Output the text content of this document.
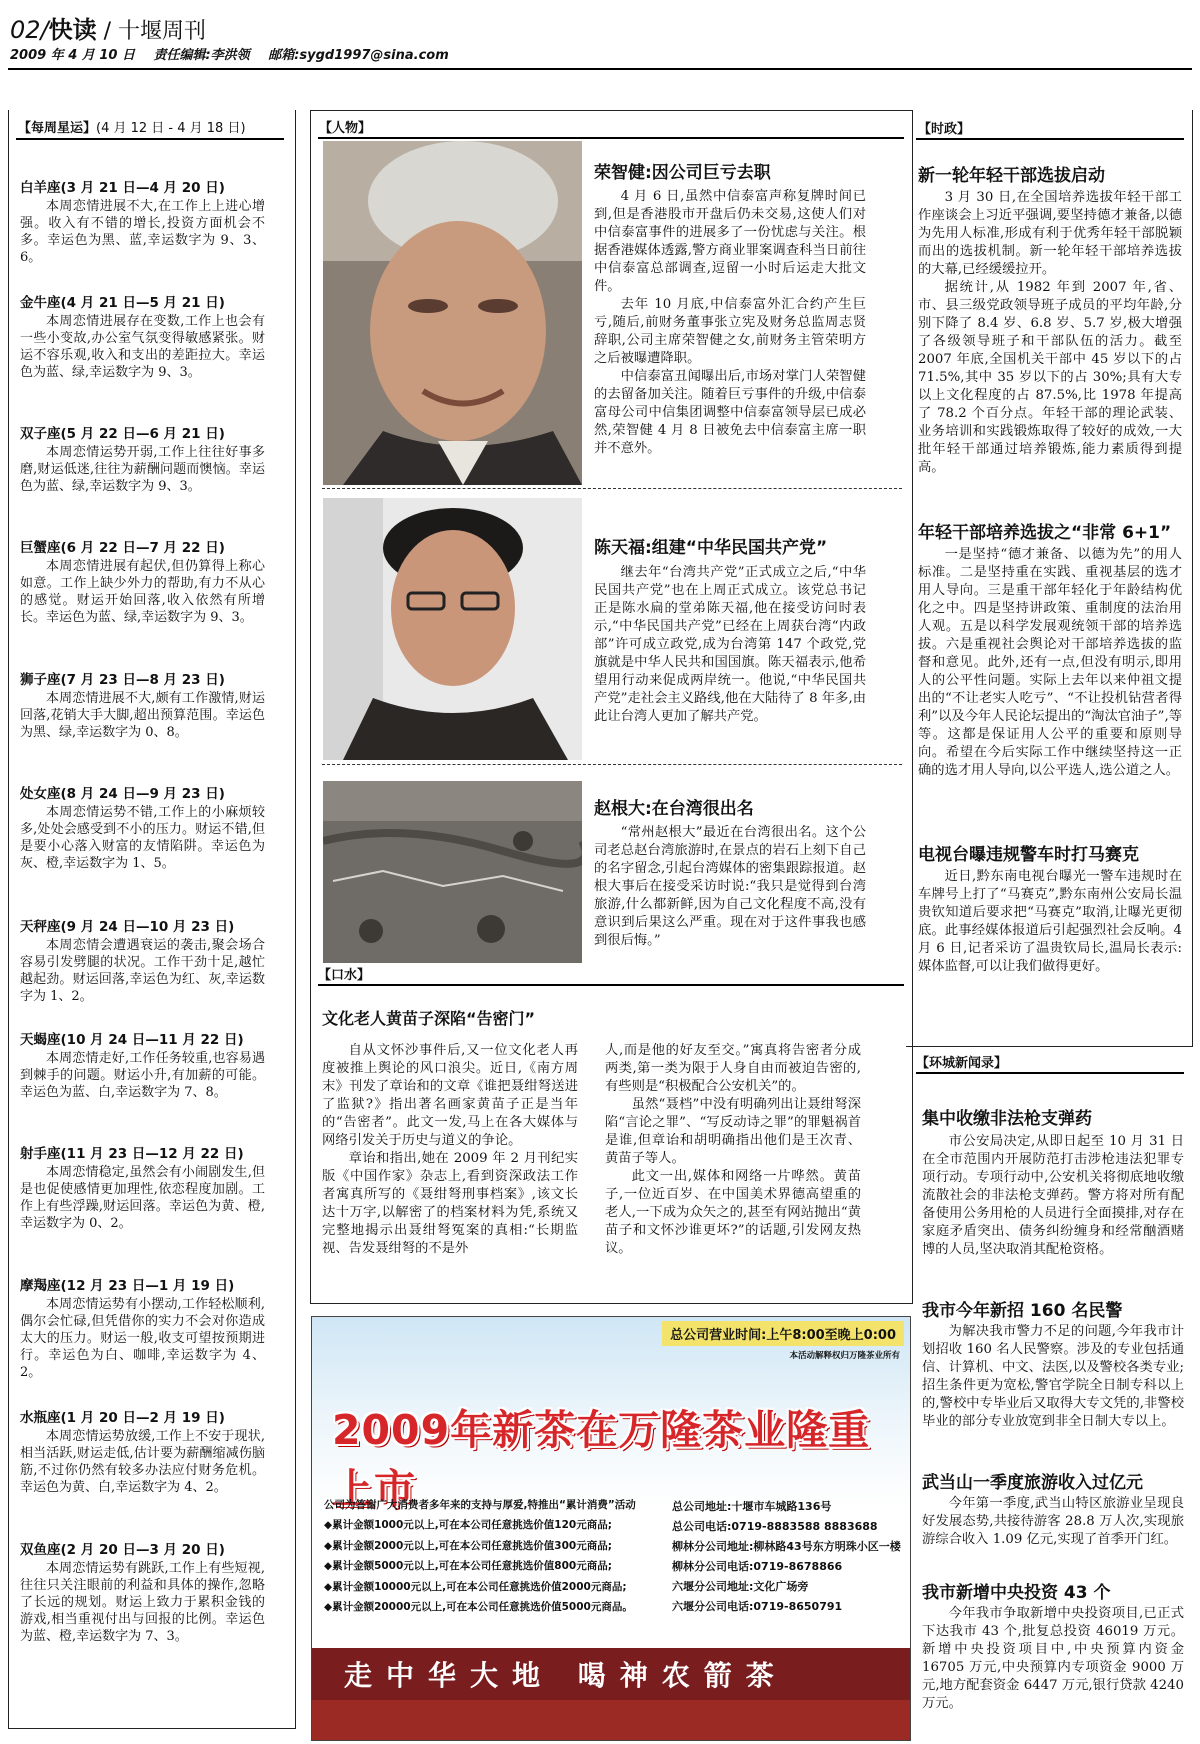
02/快读 / 十堰周刊
2009 年 4 月 10 日 责任编辑:李洪领 邮箱:sygd1997@sina.com
【每周星运】(4 月 12 日 - 4 月 18 日)
白羊座(3 月 21 日—4 月 20 日)

本周恋情进展不大,在工作上上进心增强。收入有不错的增长,投资方面机会不多。幸运色为黑、蓝,幸运数字为 9、3、6。

金牛座(4 月 21 日—5 月 21 日)

本周恋情进展存在变数,工作上也会有一些小变故,办公室气氛变得敏感紧张。财运不容乐观,收入和支出的差距拉大。幸运色为蓝、绿,幸运数字为 9、3。

双子座(5 月 22 日—6 月 21 日)

本周恋情运势开弱,工作上往往好事多磨,财运低迷,往往为薪酬问题而懊恼。幸运色为蓝、绿,幸运数字为 9、3。

巨蟹座(6 月 22 日—7 月 22 日)

本周恋情进展有起伏,但仍算得上称心如意。工作上缺少外力的帮助,有力不从心的感觉。财运开始回落,收入依然有所增长。幸运色为蓝、绿,幸运数字为 9、3。

狮子座(7 月 23 日—8 月 23 日)

本周恋情进展不大,颇有工作激情,财运回落,花销大手大脚,超出预算范围。幸运色为黑、绿,幸运数字为 0、8。

处女座(8 月 24 日—9 月 23 日)

本周恋情运势不错,工作上的小麻烦较多,处处会感受到不小的压力。财运不错,但是要小心落入财富的友情陷阱。幸运色为灰、橙,幸运数字为 1、5。

天秤座(9 月 24 日—10 月 23 日)

本周恋情会遭遇衰运的袭击,聚会场合容易引发劈腿的状况。工作干劲十足,越忙越起劲。财运回落,幸运色为红、灰,幸运数字为 1、2。

天蝎座(10 月 24 日—11 月 22 日)

本周恋情走好,工作任务较重,也容易遇到棘手的问题。财运小升,有加薪的可能。幸运色为蓝、白,幸运数字为 7、8。

射手座(11 月 23 日—12 月 22 日)

本周恋情稳定,虽然会有小闹剧发生,但是也促使感情更加理性,依恋程度加剧。工作上有些浮躁,财运回落。幸运色为黄、橙,幸运数字为 0、2。

摩羯座(12 月 23 日—1 月 19 日)

本周恋情运势有小摆动,工作轻松顺利,偶尔会忙碌,但凭借你的实力不会对你造成太大的压力。财运一般,收支可望按预期进行。幸运色为白、咖啡,幸运数字为 4、2。

水瓶座(1 月 20 日—2 月 19 日)

本周恋情运势放缓,工作上不安于现状,相当活跃,财运走低,估计要为薪酬缩减伤脑筋,不过你仍然有较多办法应付财务危机。幸运色为黄、白,幸运数字为 4、2。

双鱼座(2 月 20 日—3 月 20 日)

本周恋情运势有跳跃,工作上有些短视,往往只关注眼前的利益和具体的操作,忽略了长远的规划。财运上致力于累积金钱的游戏,相当重视付出与回报的比例。幸运色为蓝、橙,幸运数字为 7、3。

【人物】
荣智健:因公司巨亏去职

4 月 6 日,虽然中信泰富声称复牌时间已到,但是香港股市开盘后仍未交易,这使人们对中信泰富事件的进展多了一份忧虑与关注。根据香港媒体透露,警方商业罪案调查科当日前往中信泰富总部调查,逗留一小时后运走大批文件。

去年 10 月底,中信泰富外汇合约产生巨亏,随后,前财务董事张立宪及财务总监周志贤辞职,公司主席荣智健之女,前财务主管荣明方之后被曝遭降职。

中信泰富丑闻曝出后,市场对掌门人荣智健的去留备加关注。随着巨亏事件的升级,中信泰富母公司中信集团调整中信泰富领导层已成必然,荣智健 4 月 8 日被免去中信泰富主席一职并不意外。

陈天福:组建“中华民国共产党”

继去年“台湾共产党”正式成立之后,“中华民国共产党”也在上周正式成立。该党总书记正是陈水扁的堂弟陈天福,他在接受访问时表示,“中华民国共产党”已经在上周获台湾“内政部”许可成立政党,成为台湾第 147 个政党,党旗就是中华人民共和国国旗。陈天福表示,他希望用行动来促成两岸统一。他说,“中华民国共产党”走社会主义路线,他在大陆待了 8 年多,由此让台湾人更加了解共产党。

赵根大:在台湾很出名

“常州赵根大”最近在台湾很出名。这个公司老总赵台湾旅游时,在景点的岩石上刻下自己的名字留念,引起台湾媒体的密集跟踪报道。赵根大事后在接受采访时说:“我只是觉得到台湾旅游,什么都新鲜,因为自己文化程度不高,没有意识到后果这么严重。现在对于这件事我也感到很后悔。”

【口水】
文化老人黄苗子深陷“告密门”

自从文怀沙事件后,又一位文化老人再度被推上舆论的风口浪尖。近日,《南方周末》刊发了章诒和的文章《谁把聂绀弩送进了监狱?》指出著名画家黄苗子正是当年的“告密者”。此文一发,马上在各大媒体与网络引发关于历史与道义的争论。

章诒和指出,她在 2009 年 2 月刊纪实版《中国作家》杂志上,看到资深政法工作者寓真所写的《聂绀弩刑事档案》,该文长达十万字,以解密了的档案材料为凭,系统又完整地揭示出聂绀弩冤案的真相:“长期监视、告发聂绀弩的不是外

人,而是他的好友至交。”寓真将告密者分成两类,第一类为限于人身自由而被迫告密的,有些则是“积极配合公安机关”的。

虽然“聂档”中没有明确列出让聂绀弩深陷“言论之罪”、“写反动诗之罪”的罪魁祸首是谁,但章诒和胡明确指出他们是王次青、黄苗子等人。

此文一出,媒体和网络一片哗然。黄苗子,一位近百岁、在中国美术界德高望重的老人,一下成为众矢之的,甚至有网站抛出“黄苗子和文怀沙谁更坏?”的话题,引发网友热议。

总公司营业时间:上午8:00至晚上0:00
本活动解释权归万隆茶业所有
2009年新茶在万隆茶业隆重上市
公司为答谢广大消费者多年来的支持与厚爱,特推出“累计消费”活动
◆累计金额1000元以上,可在本公司任意挑选价值120元商品;
◆累计金额2000元以上,可在本公司任意挑选价值300元商品;
◆累计金额5000元以上,可在本公司任意挑选价值800元商品;
◆累计金额10000元以上,可在本公司任意挑选价值2000元商品;
◆累计金额20000元以上,可在本公司任意挑选价值5000元商品。
总公司地址:十堰市车城路136号
总公司电话:0719-8883588 8883688
柳林分公司地址:柳林路43号东方明珠小区一楼
柳林分公司电话:0719-8678866
六堰分公司地址:文化广场旁
六堰分公司电话:0719-8650791
走中华大地 喝神农箭茶
【时政】
新一轮年轻干部选拔启动

3 月 30 日,在全国培养选拔年轻干部工作座谈会上习近平强调,要坚持德才兼备,以德为先用人标准,形成有利于优秀年轻干部脱颖而出的选拔机制。新一轮年轻干部培养选拔的大幕,已经缓缓拉开。

据统计,从 1982 年到 2007 年,省、市、县三级党政领导班子成员的平均年龄,分别下降了 8.4 岁、6.8 岁、5.7 岁,极大增强了各级领导班子和干部队伍的活力。截至 2007 年底,全国机关干部中 45 岁以下的占 71.5%,其中 35 岁以下的占 30%;具有大专以上文化程度的占 87.5%,比 1978 年提高了 78.2 个百分点。年轻干部的理论武装、业务培训和实践锻炼取得了较好的成效,一大批年轻干部通过培养锻炼,能力素质得到提高。

年轻干部培养选拔之“非常 6+1”

一是坚持“德才兼备、以德为先”的用人标准。二是坚持重在实践、重视基层的选才用人导向。三是重干部年轻化于年龄结构优化之中。四是坚持讲政策、重制度的法治用人观。五是以科学发展观统领干部的培养选拔。六是重视社会舆论对干部培养选拔的监督和意见。此外,还有一点,但没有明示,即用人的公平性问题。实际上去年以来仲祖文提出的“不让老实人吃亏”、“不让投机钻营者得利”以及今年人民论坛提出的“淘汰官油子”,等等。这都是保证用人公平的重要和原则导向。希望在今后实际工作中继续坚持这一正确的选才用人导向,以公平选人,选公道之人。

电视台曝违规警车时打马赛克

近日,黔东南电视台曝光一警车违规时在车牌号上打了“马赛克”,黔东南州公安局长温贵钦知道后要求把“马赛克”取消,让曝光更彻底。此事经媒体报道后引起强烈社会反响。4 月 6 日,记者采访了温贵钦局长,温局长表示:媒体监督,可以让我们做得更好。

【环城新闻录】
集中收缴非法枪支弹药

市公安局决定,从即日起至 10 月 31 日在全市范围内开展防范打击涉枪违法犯罪专项行动。专项行动中,公安机关将彻底地收缴流散社会的非法枪支弹药。警方将对所有配备使用公务用枪的人员进行全面摸排,对存在家庭矛盾突出、债务纠纷缠身和经常酗酒赌博的人员,坚决取消其配枪资格。

我市今年新招 160 名民警

为解决我市警力不足的问题,今年我市计划招收 160 名人民警察。涉及的专业包括通信、计算机、中文、法医,以及警校各类专业;招生条件更为宽松,警官学院全日制专科以上的,警校中专毕业后又取得大专文凭的,非警校毕业的部分专业放宽到非全日制大专以上。

武当山一季度旅游收入过亿元

今年第一季度,武当山特区旅游业呈现良好发展态势,共接待游客 28.8 万人次,实现旅游综合收入 1.09 亿元,实现了首季开门红。

我市新增中央投资 43 个

今年我市争取新增中央投资项目,已正式下达我市 43 个,批复总投资 46019 万元。新增中央投资项目中,中央预算内资金 16705 万元,中央预算内专项资金 9000 万元,地方配套资金 6447 万元,银行贷款 4240 万元。
